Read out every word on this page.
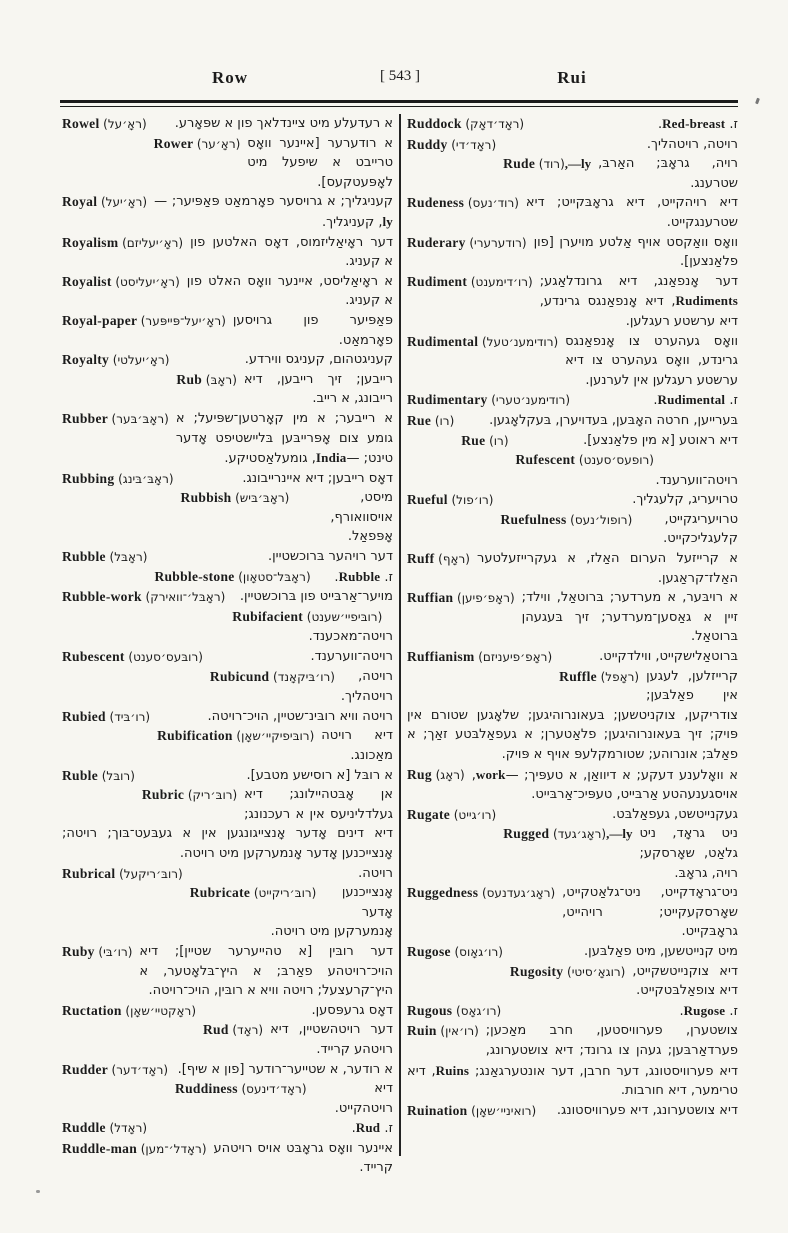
Row	[ 543 ]	Rui

Rowel (ראָ׳על) א רעדעלע מיט ציינדלאך פון א שפּאָרע.

Rower (ראָ׳ער) א רודערער [איינער וואָס טרייבט א שיפעל מיט לאָפּעטקעס].

Royal (ראָ׳יעל) קעניגליך; א גרויסער פאָרמאַט פּאַפּיער; —ly, קעניגליך.

Royalism (ראָ׳יעליזם) דער ראָיאַליזמוס, דאָס האלטען פון א קעניג.

Royalist (ראָ׳יעליסט) א ראָיאַליסט, איינער וואָס האלט פון א קעניג.

Royal-paper (ראָ׳יעל־פּייפּער) פּאַפּיער פון גרויסען פאָרמאַט.

Royalty (ראָ׳יעלטי)	קעניגטהום, קעניגס ווירדע.

Rub (ראָבּ) רייבען; זיך רייבען, דיא רייבונג, א רייב.

Rubber (ראָבּ׳בּער) א רייבער; א מין קאָרטען־שפּיעל; א גומע צום אָפּרייבּען בּליישטיפט אָדער טינט; —India, גומעלאַסטיקע.

Rubbing (ראָבּ׳בּינג)	דאָס רייבען; דיא איינרייבונג.

Rubbish (ראָבּ׳בּיש)	מיסט, אויסוואורף, אָפּפאַל.

Rubble (ראָבּל)	דער רויהער בּרוכשטיין.

Rubble-stone (ראָבּל־סטאָון)	ז. Rubble.

Rubble-work (ראָבּל׳־וואירק) מויער־אַרבּייט פון בּרוכשטיין.

Rubifacient (רובּיפיי׳שענט)
רויטה־מאכענד.

Rubescent (רובּעס׳סענט)	רויטה־ווערענד.

Rubicund (רו׳בּיקאָנד) רויטה, רויטהליך.

Rubied (רו׳בּיד)	רויטה וויא רובּינ־שטיין, הויכ־רויטה.

Rubification (רובּיפיקיי׳שאָן) דיא רויטה מאַכונג.

Ruble (רובּל)	א רובּל [א רוסישע מטבע].

Rubric (רובּ׳ריק) אן אָבּטהיילונג; דיא געלדליניעס אין א רעכנונג; דיא דינים אָדער אָנצייגונגען אין א געבּעט־בּוך; רויטה; אָנצייכנען אָדער אָנמערקען מיט רויטה.

Rubrical (רובּ׳ריקעל)	רויטה.

Rubricate (רובּ׳ריקייט) אָנצייכנען אָדער אָנמערקען מיט רויטה.

Ruby (רו׳בּי) דער רובּין [א טהייערער שטיין]; דיא הויכ־רויטהע פאַרבּ; א היץ־בּלאָטער, א היץ־קרעצעל; רויטה וויא א רובּין, הויכ־רויטה.

Ructation (ראָקטיי׳שאָן)	דאָס גרעפּסען.

Rud (ראָד) דער רויטהשטיין, דיא רויטהע קרייד.

Rudder (ראָד׳דער) א רודער, א שטייער־רודער [פון א שיף].

Ruddiness (ראָד׳דינעס)	דיא רויטהקייט.

Ruddle (ראָדל)	ז. Rud.

Ruddle-man (ראָדל׳־מען) איינער וואָס גראָבּט אויס רויטהע קרייד.

Ruddock (ראָד׳דאָק)	ז. Red-breast.

Ruddy (ראָד׳די)	רויטה, רויטהליך.

Rude (רוד),—ly רויה, גראָבּ; האַרבּ, שטרענג.

Rudeness (רוד׳נעס) דיא רויהקייט, דיא גראָבּקייט; דיא שטרענגקייט.

Ruderary (רודערערי) וואָס וואַקסט אויף אַלטע מויערן [פון פלאַנצען].

Rudiment (רו׳דימענט) דער אָנפאַנג, דיא גרונדלאַגע; Rudiments, דיא אָנפאַנגס גרינדע, דיא ערשטע רעגלען.

Rudimental (רודימענ׳טעל) וואָס געהערט צו אָנפאַנגס גרינדע, וואָס געהערט צו דיא ערשטע רעגלען אין לערנען.

Rudimentary (רודימענ׳טערי)	ז. Rudimental.

Rue (רו)	בּערייען, חרטה האָבּען, בּעדויערן, בּעקלאָגען.

Rue (רו)	דיא ראוטע [א מין פלאַנצע].

Rufescent (רופעס׳סענט)
רויטה־ווערענד.

Rueful (רו׳פול)	טרויעריג, קלעגליך.

Ruefulness (רופול׳נעס) טרויעריגקייט, קלעגליכקייט.

Ruff (ראָף) א קרייזעל הערום האַלז, א געקרייזעלטער האַלז־קראַגען.

Ruffian (ראָפ׳פיען) א רויבּער, א מערדער; בּרוטאַל, ווילד; זיין א גאַסען־מערדער; זיך בּעגעהן בּרוטאַל.

Ruffianism (ראָפ׳פיעניזם)	בּרוטאַלישקייט, ווילדקייט.

Ruffle (ראָפל) קרייזלען, לעגען אין פאַלבּען; צודריקען, צוקניטשען; בּעאונרוהיגען; שלאָגען שטורם אין פּויק; זיך בּעאונרוהיגען; פלאַטערן; א געפאַלבּטע זאַך; א פאַלבּ; אונרוהע; שטורמקלעפּ אויף א פּויק.

Rug (ראָג)	א וואָלענע דעקע; א דיוואַן, א טעפּיך; —work, אויסגענעהטע אַרבּייט, טעפּיכ־אַרבּייט.

Rugate (רו׳גייט)	געקנייטשט, געפאַלבּט.

Rugged (ראָג׳געד),—ly ניט גראָד, ניט גלאַט, שאָרסקע; רויה, גראָבּ.

Ruggedness (ראָג׳געדנעס) ניט־גראָדקייט, ניט־גלאַטקייט, שאָרסקעקייט; רויהייט, גראָבּקייט.

Rugose (רו׳גאָוס)	מיט קנייטשען, מיט פאַלבּען.

Rugosity (רוגאָ׳סיטי) דיא צוקנייטשקייט, דיא צופאַלבּטקייט.

Rugous (רו׳גאָס)	ז. Rugose.

Ruin (רו׳אין) צושטערן, פערוויסטען, חרב מאַכען; פערדאַרבּען; געהן צו גרונד; דיא צושטערונג, דיא פערוויסטונג, דער חרבן, דער אונטערגאַנג; Ruins, דיא טרימער, דיא חורבות.

Ruination (רואיניי׳שאָן) דיא צושטערונג, דיא פערוויסטונג.
